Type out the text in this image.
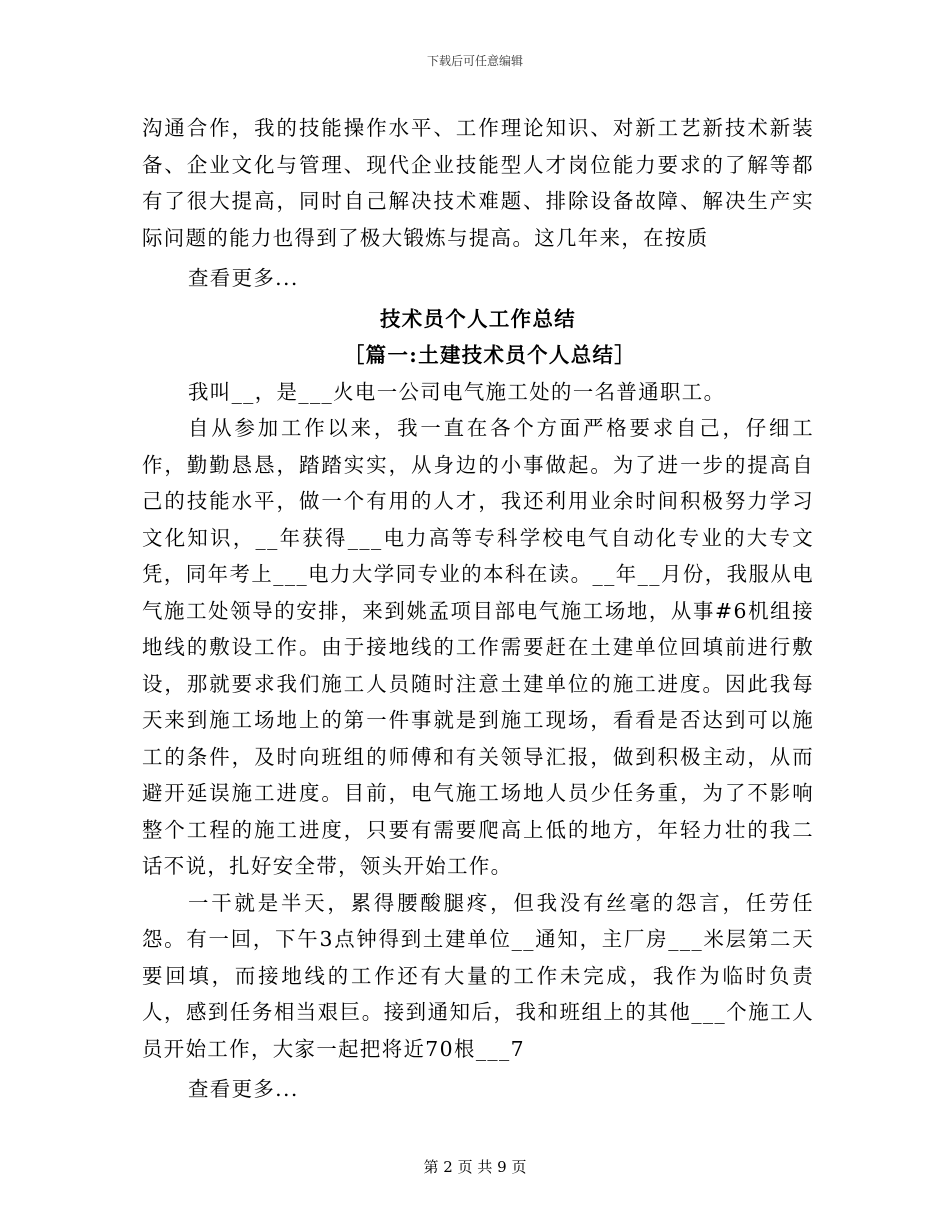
下载后可任意编辑

沟通合作，我的技能操作水平、工作理论知识、对新工艺新技术新装备、企业文化与管理、现代企业技能型人才岗位能力要求的了解等都有了很大提高，同时自己解决技术难题、排除设备故障、解决生产实际问题的能力也得到了极大锻炼与提高。这几年来，在按质

查看更多...

技术员个人工作总结
［篇一:土建技术员个人总结］

我叫__，是___火电一公司电气施工处的一名普通职工。

自从参加工作以来，我一直在各个方面严格要求自己，仔细工作，勤勤恳恳，踏踏实实，从身边的小事做起。为了进一步的提高自己的技能水平，做一个有用的人才，我还利用业余时间积极努力学习文化知识，__年获得___电力高等专科学校电气自动化专业的大专文凭，同年考上___电力大学同专业的本科在读。__年__月份，我服从电气施工处领导的安排，来到姚孟项目部电气施工场地，从事#6机组接地线的敷设工作。由于接地线的工作需要赶在土建单位回填前进行敷设，那就要求我们施工人员随时注意土建单位的施工进度。因此我每天来到施工场地上的第一件事就是到施工现场，看看是否达到可以施工的条件，及时向班组的师傅和有关领导汇报，做到积极主动，从而避开延误施工进度。目前，电气施工场地人员少任务重，为了不影响整个工程的施工进度，只要有需要爬高上低的地方，年轻力壮的我二话不说，扎好安全带，领头开始工作。

一干就是半天，累得腰酸腿疼，但我没有丝毫的怨言，任劳任怨。有一回，下午3点钟得到土建单位__通知，主厂房___米层第二天要回填，而接地线的工作还有大量的工作未完成，我作为临时负责人，感到任务相当艰巨。接到通知后，我和班组上的其他___个施工人员开始工作，大家一起把将近70根___7

查看更多...

第 2 页 共 9 页
